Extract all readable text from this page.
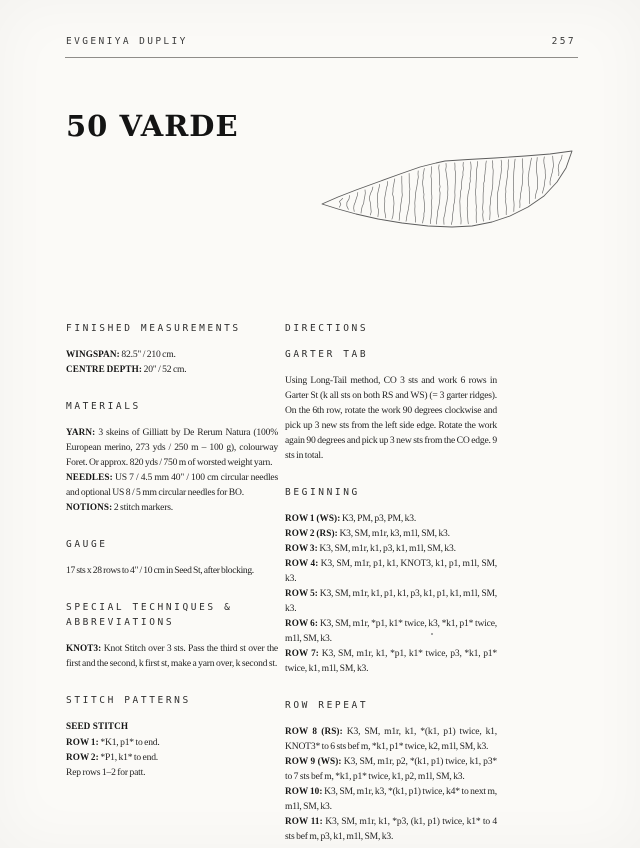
EVGENIYA DUPLIY	257
50 VARDE
FINISHED MEASUREMENTS

WINGSPAN: 82.5" / 210 cm.

CENTRE DEPTH: 20" / 52 cm.

MATERIALS

YARN: 3 skeins of Gilliatt by De Rerum Natura (100% European merino, 273 yds / 250 m – 100 g), colourway Foret. Or approx. 820 yds / 750 m of worsted weight yarn.

NEEDLES: US 7 / 4.5 mm 40" / 100 cm circular needles and optional US 8 / 5 mm circular needles for BO.

NOTIONS: 2 stitch markers.

GAUGE

17 sts x 28 rows to 4" / 10 cm in Seed St, after blocking.

SPECIAL TECHNIQUES & ABBREVIATIONS

KNOT3: Knot Stitch over 3 sts. Pass the third st over the first and the second, k first st, make a yarn over, k second st.

STITCH PATTERNS

SEED STITCH

ROW 1: *K1, p1* to end.

ROW 2: *P1, k1* to end.

Rep rows 1–2 for patt.

DIRECTIONS
GARTER TAB

Using Long-Tail method, CO 3 sts and work 6 rows in Garter St (k all sts on both RS and WS) (= 3 garter ridges). On the 6th row, rotate the work 90 degrees clockwise and pick up 3 new sts from the left side edge. Rotate the work again 90 degrees and pick up 3 new sts from the CO edge. 9 sts in total.

BEGINNING

ROW 1 (WS): K3, PM, p3, PM, k3.

ROW 2 (RS): K3, SM, m1r, k3, m1l, SM, k3.

ROW 3: K3, SM, m1r, k1, p3, k1, m1l, SM, k3.

ROW 4: K3, SM, m1r, p1, k1, KNOT3, k1, p1, m1l, SM, k3.

ROW 5: K3, SM, m1r, k1, p1, k1, p3, k1, p1, k1, m1l, SM, k3.

ROW 6: K3, SM, m1r, *p1, k1* twice, k3, *k1, p1* twice, m1l, SM, k3.

ROW 7: K3, SM, m1r, k1, *p1, k1* twice, p3, *k1, p1* twice, k1, m1l, SM, k3.

ROW REPEAT

ROW 8 (RS): K3, SM, m1r, k1, *(k1, p1) twice, k1, KNOT3* to 6 sts bef m, *k1, p1* twice, k2, m1l, SM, k3.

ROW 9 (WS): K3, SM, m1r, p2, *(k1, p1) twice, k1, p3* to 7 sts bef m, *k1, p1* twice, k1, p2, m1l, SM, k3.

ROW 10: K3, SM, m1r, k3, *(k1, p1) twice, k4* to next m, m1l, SM, k3.

ROW 11: K3, SM, m1r, k1, *p3, (k1, p1) twice, k1* to 4 sts bef m, p3, k1, m1l, SM, k3.
